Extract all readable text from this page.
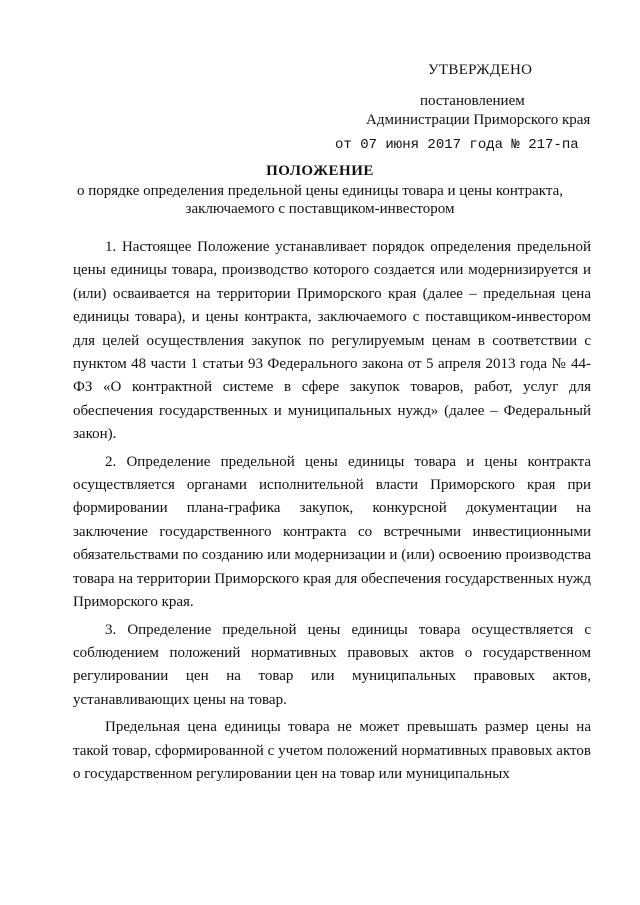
УТВЕРЖДЕНО
постановлением
Администрации Приморского края
от 07 июня 2017 года № 217-па
ПОЛОЖЕНИЕ
о порядке определения предельной цены единицы товара и цены контракта,
заключаемого с поставщиком-инвестором

1. Настоящее Положение устанавливает порядок определения предельной цены единицы товара, производство которого создается или модернизируется и (или) осваивается на территории Приморского края (далее – предельная цена единицы товара), и цены контракта, заключаемого с поставщиком-инвестором для целей осуществления закупок по регулируемым ценам в соответствии с пунктом 48 части 1 статьи 93 Федерального закона от 5 апреля 2013 года № 44-ФЗ «О контрактной системе в сфере закупок товаров, работ, услуг для обеспечения государственных и муниципальных нужд» (далее – Федеральный закон).

2. Определение предельной цены единицы товара и цены контракта осуществляется органами исполнительной власти Приморского края при формировании плана-графика закупок, конкурсной документации на заключение государственного контракта со встречными инвестиционными обязательствами по созданию или модернизации и (или) освоению производства товара на территории Приморского края для обеспечения государственных нужд Приморского края.

3. Определение предельной цены единицы товара осуществляется с соблюдением положений нормативных правовых актов о государственном регулировании цен на товар или муниципальных правовых актов, устанавливающих цены на товар.

Предельная цена единицы товара не может превышать размер цены на такой товар, сформированной с учетом положений нормативных правовых актов о государственном регулировании цен на товар или муниципальных
